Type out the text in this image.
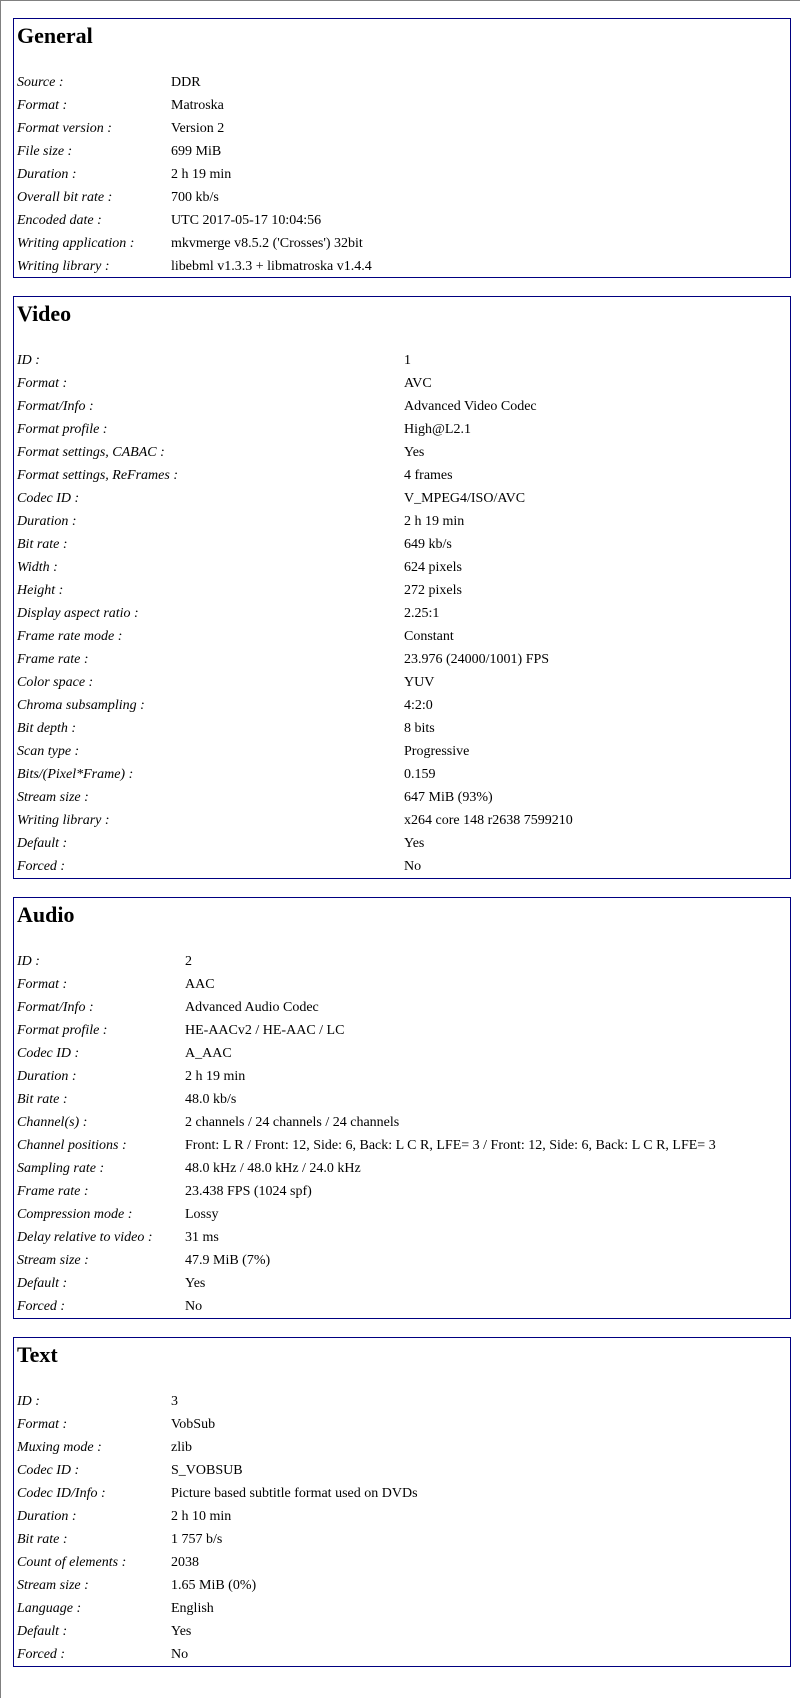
General
Source :	DDR
Format :	Matroska
Format version :	Version 2
File size :	699 MiB
Duration :	2 h 19 min
Overall bit rate :	700 kb/s
Encoded date :	UTC 2017-05-17 10:04:56
Writing application :	mkvmerge v8.5.2 ('Crosses') 32bit
Writing library :	libebml v1.3.3 + libmatroska v1.4.4
Video
ID :	1
Format :	AVC
Format/Info :	Advanced Video Codec
Format profile :	High@L2.1
Format settings, CABAC :	Yes
Format settings, ReFrames :	4 frames
Codec ID :	V_MPEG4/ISO/AVC
Duration :	2 h 19 min
Bit rate :	649 kb/s
Width :	624 pixels
Height :	272 pixels
Display aspect ratio :	2.25:1
Frame rate mode :	Constant
Frame rate :	23.976 (24000/1001) FPS
Color space :	YUV
Chroma subsampling :	4:2:0
Bit depth :	8 bits
Scan type :	Progressive
Bits/(Pixel*Frame) :	0.159
Stream size :	647 MiB (93%)
Writing library :	x264 core 148 r2638 7599210
Default :	Yes
Forced :	No
Audio
ID :	2
Format :	AAC
Format/Info :	Advanced Audio Codec
Format profile :	HE-AACv2 / HE-AAC / LC
Codec ID :	A_AAC
Duration :	2 h 19 min
Bit rate :	48.0 kb/s
Channel(s) :	2 channels / 24 channels / 24 channels
Channel positions :	Front: L R / Front: 12, Side: 6, Back: L C R, LFE= 3 / Front: 12, Side: 6, Back: L C R, LFE= 3
Sampling rate :	48.0 kHz / 48.0 kHz / 24.0 kHz
Frame rate :	23.438 FPS (1024 spf)
Compression mode :	Lossy
Delay relative to video : 31 ms
Stream size :	47.9 MiB (7%)
Default :	Yes
Forced :	No
Text
ID :	3
Format :	VobSub
Muxing mode :	zlib
Codec ID :	S_VOBSUB
Codec ID/Info :	Picture based subtitle format used on DVDs
Duration :	2 h 10 min
Bit rate :	1 757 b/s
Count of elements :	2038
Stream size :	1.65 MiB (0%)
Language :	English
Default :	Yes
Forced :	No
